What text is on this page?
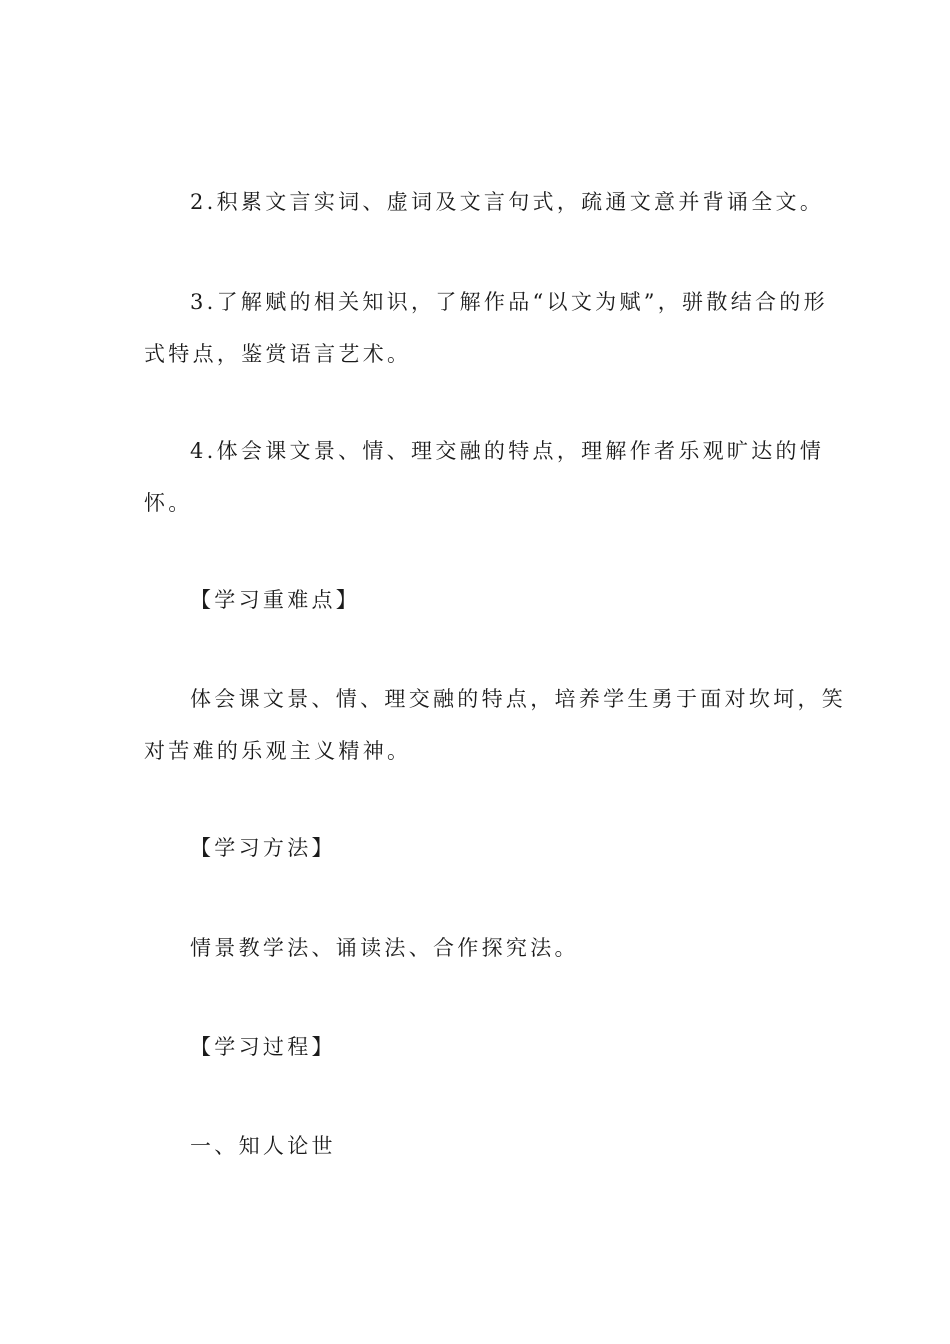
2.积累文言实词、虚词及文言句式，疏通文意并背诵全文。
3.了解赋的相关知识，了解作品“以文为赋”，骈散结合的形
式特点，鉴赏语言艺术。
4.体会课文景、情、理交融的特点，理解作者乐观旷达的情
怀。
【学习重难点】
体会课文景、情、理交融的特点，培养学生勇于面对坎坷，笑
对苦难的乐观主义精神。
【学习方法】
情景教学法、诵读法、合作探究法。
【学习过程】
一、知人论世
